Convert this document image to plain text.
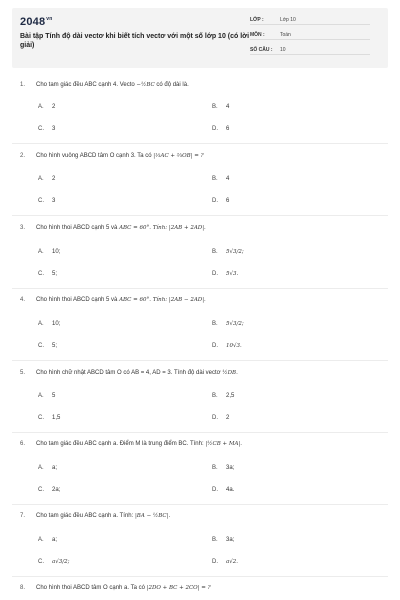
$2048^{vn}$
Bài tập Tính độ dài vectơ khi biết tích vectơ với một số lớp 10 (có lời giải)
LỚP :	Lớp 10
MÔN :	Toán
SỐ CÂU : 10
1. Cho tam giác đều ABC cạnh 4. Vecto −½BC có độ dài là.
A. 2	B. 4
C. 3	D. 6
2. Cho hình vuông ABCD tâm O cạnh 3. Ta có |⅓AC + ⅔OB| = ?
A. 2	B. 4
C. 3	D. 6
3. Cho hình thoi ABCD cạnh 5 và ABC = 60°. Tính: |2AB + 2AD|.
A. 10;	B. 5√3/2;
C. 5;	D. 5√3.
4. Cho hình thoi ABCD cạnh 5 và ABC = 60°. Tính: |2AB − 2AD|.
A. 10;	B. 5√3/2;
C. 5;	D. 10√3.
5. Cho hình chữ nhật ABCD tâm O có AB = 4, AD = 3. Tính độ dài vectơ ½DB.
A. 5	B. 2,5
C. 1,5	D. 2
6. Cho tam giác đều ABC cạnh a. Điểm M là trung điểm BC. Tính: |½CB + MA|.
A. a;	B. 3a;
C. 2a;	D. 4a.
7. Cho tam giác đều ABC cạnh a. Tính: |BA − ½BC|.
A. a;	B. 3a;
C. a√3/2;	D. a√2.
8. Cho hình thoi ABCD tâm O cạnh a. Ta có |2DO + BC + 2CO| = ?
